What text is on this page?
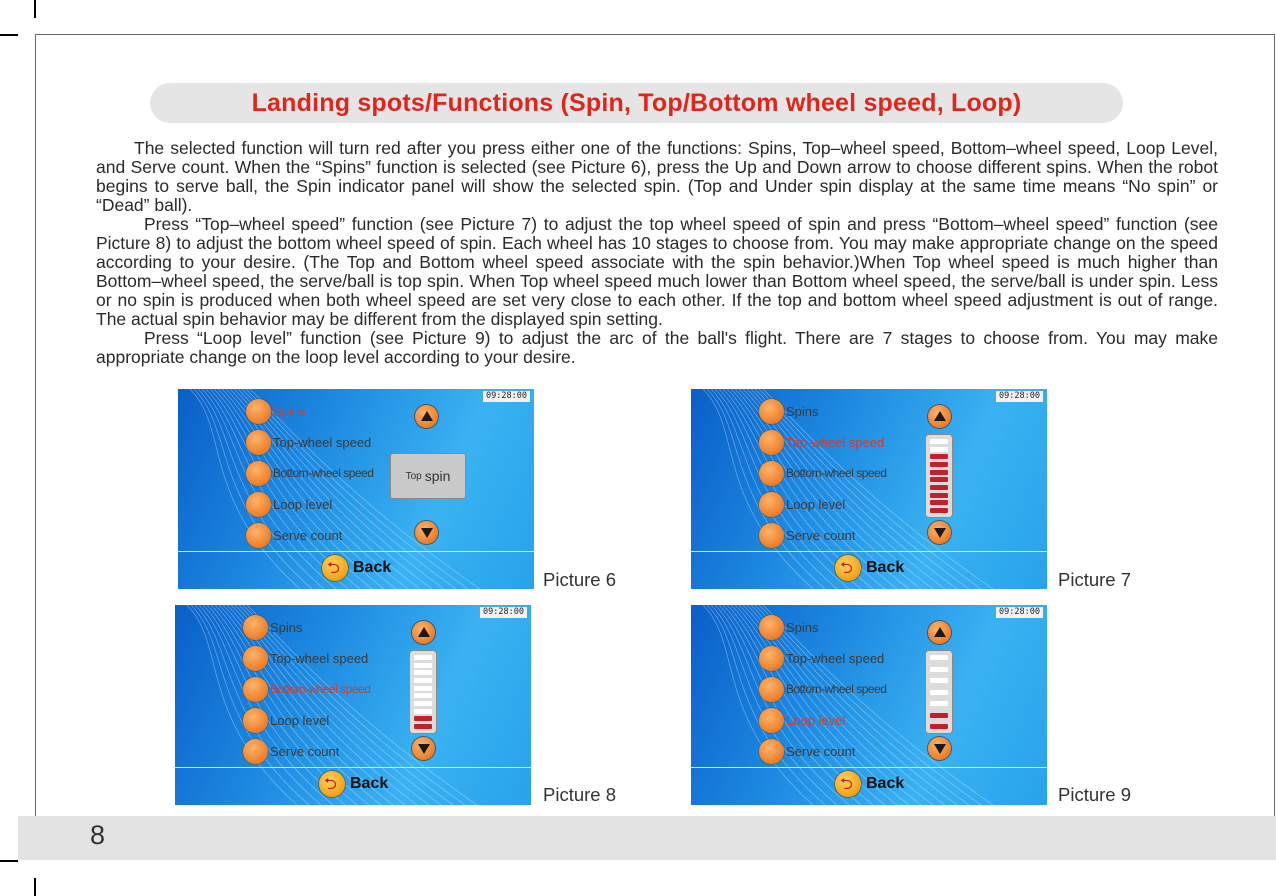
8
Landing spots/Functions (Spin, Top/Bottom wheel speed, Loop)

The selected function will turn red after you press either one of the functions: Spins, Top–wheel speed, Bottom–wheel speed, Loop Level, and Serve count. When the “Spins” function is selected (see Picture 6), press the Up and Down arrow to choose different spins. When the robot begins to serve ball, the Spin indicator panel will show the selected spin. (Top and Under spin display at the same time means “No spin” or “Dead” ball).

Press “Top–wheel speed” function (see Picture 7) to adjust the top wheel speed of spin and press “Bottom–wheel speed” function (see Picture 8) to adjust the bottom wheel speed of spin. Each wheel has 10 stages to choose from. You may make appropriate change on the speed according to your desire. (The Top and Bottom wheel speed associate with the spin behavior.)When Top wheel speed is much higher than Bottom–wheel speed, the serve/ball is top spin. When Top wheel speed much lower than Bottom wheel speed, the serve/ball is under spin. Less or no spin is produced when both wheel speed are set very close to each other. If the top and bottom wheel speed adjustment is out of range. The actual spin behavior may be different from the displayed spin setting.

Press “Loop level” function (see Picture 9) to adjust the arc of the ball's flight. There are 7 stages to choose from. You may make appropriate change on the loop level according to your desire.

09:28:00
Spins
Top-wheel speed
Bottom-wheel speed
Loop level
Serve count
Top spin
⮌
Back
09:28:00
Spins
Top-wheel speed
Bottom-wheel speed
Loop level
Serve count
⮌
Back
09:28:00
Spins
Top-wheel speed
Bottom-wheel speed
Loop level
Serve count
⮌
Back
09:28:00
Spins
Top-wheel speed
Bottom-wheel speed
Loop level
Serve count
⮌
Back
Picture 6	Picture 7
Picture 8	Picture 9
